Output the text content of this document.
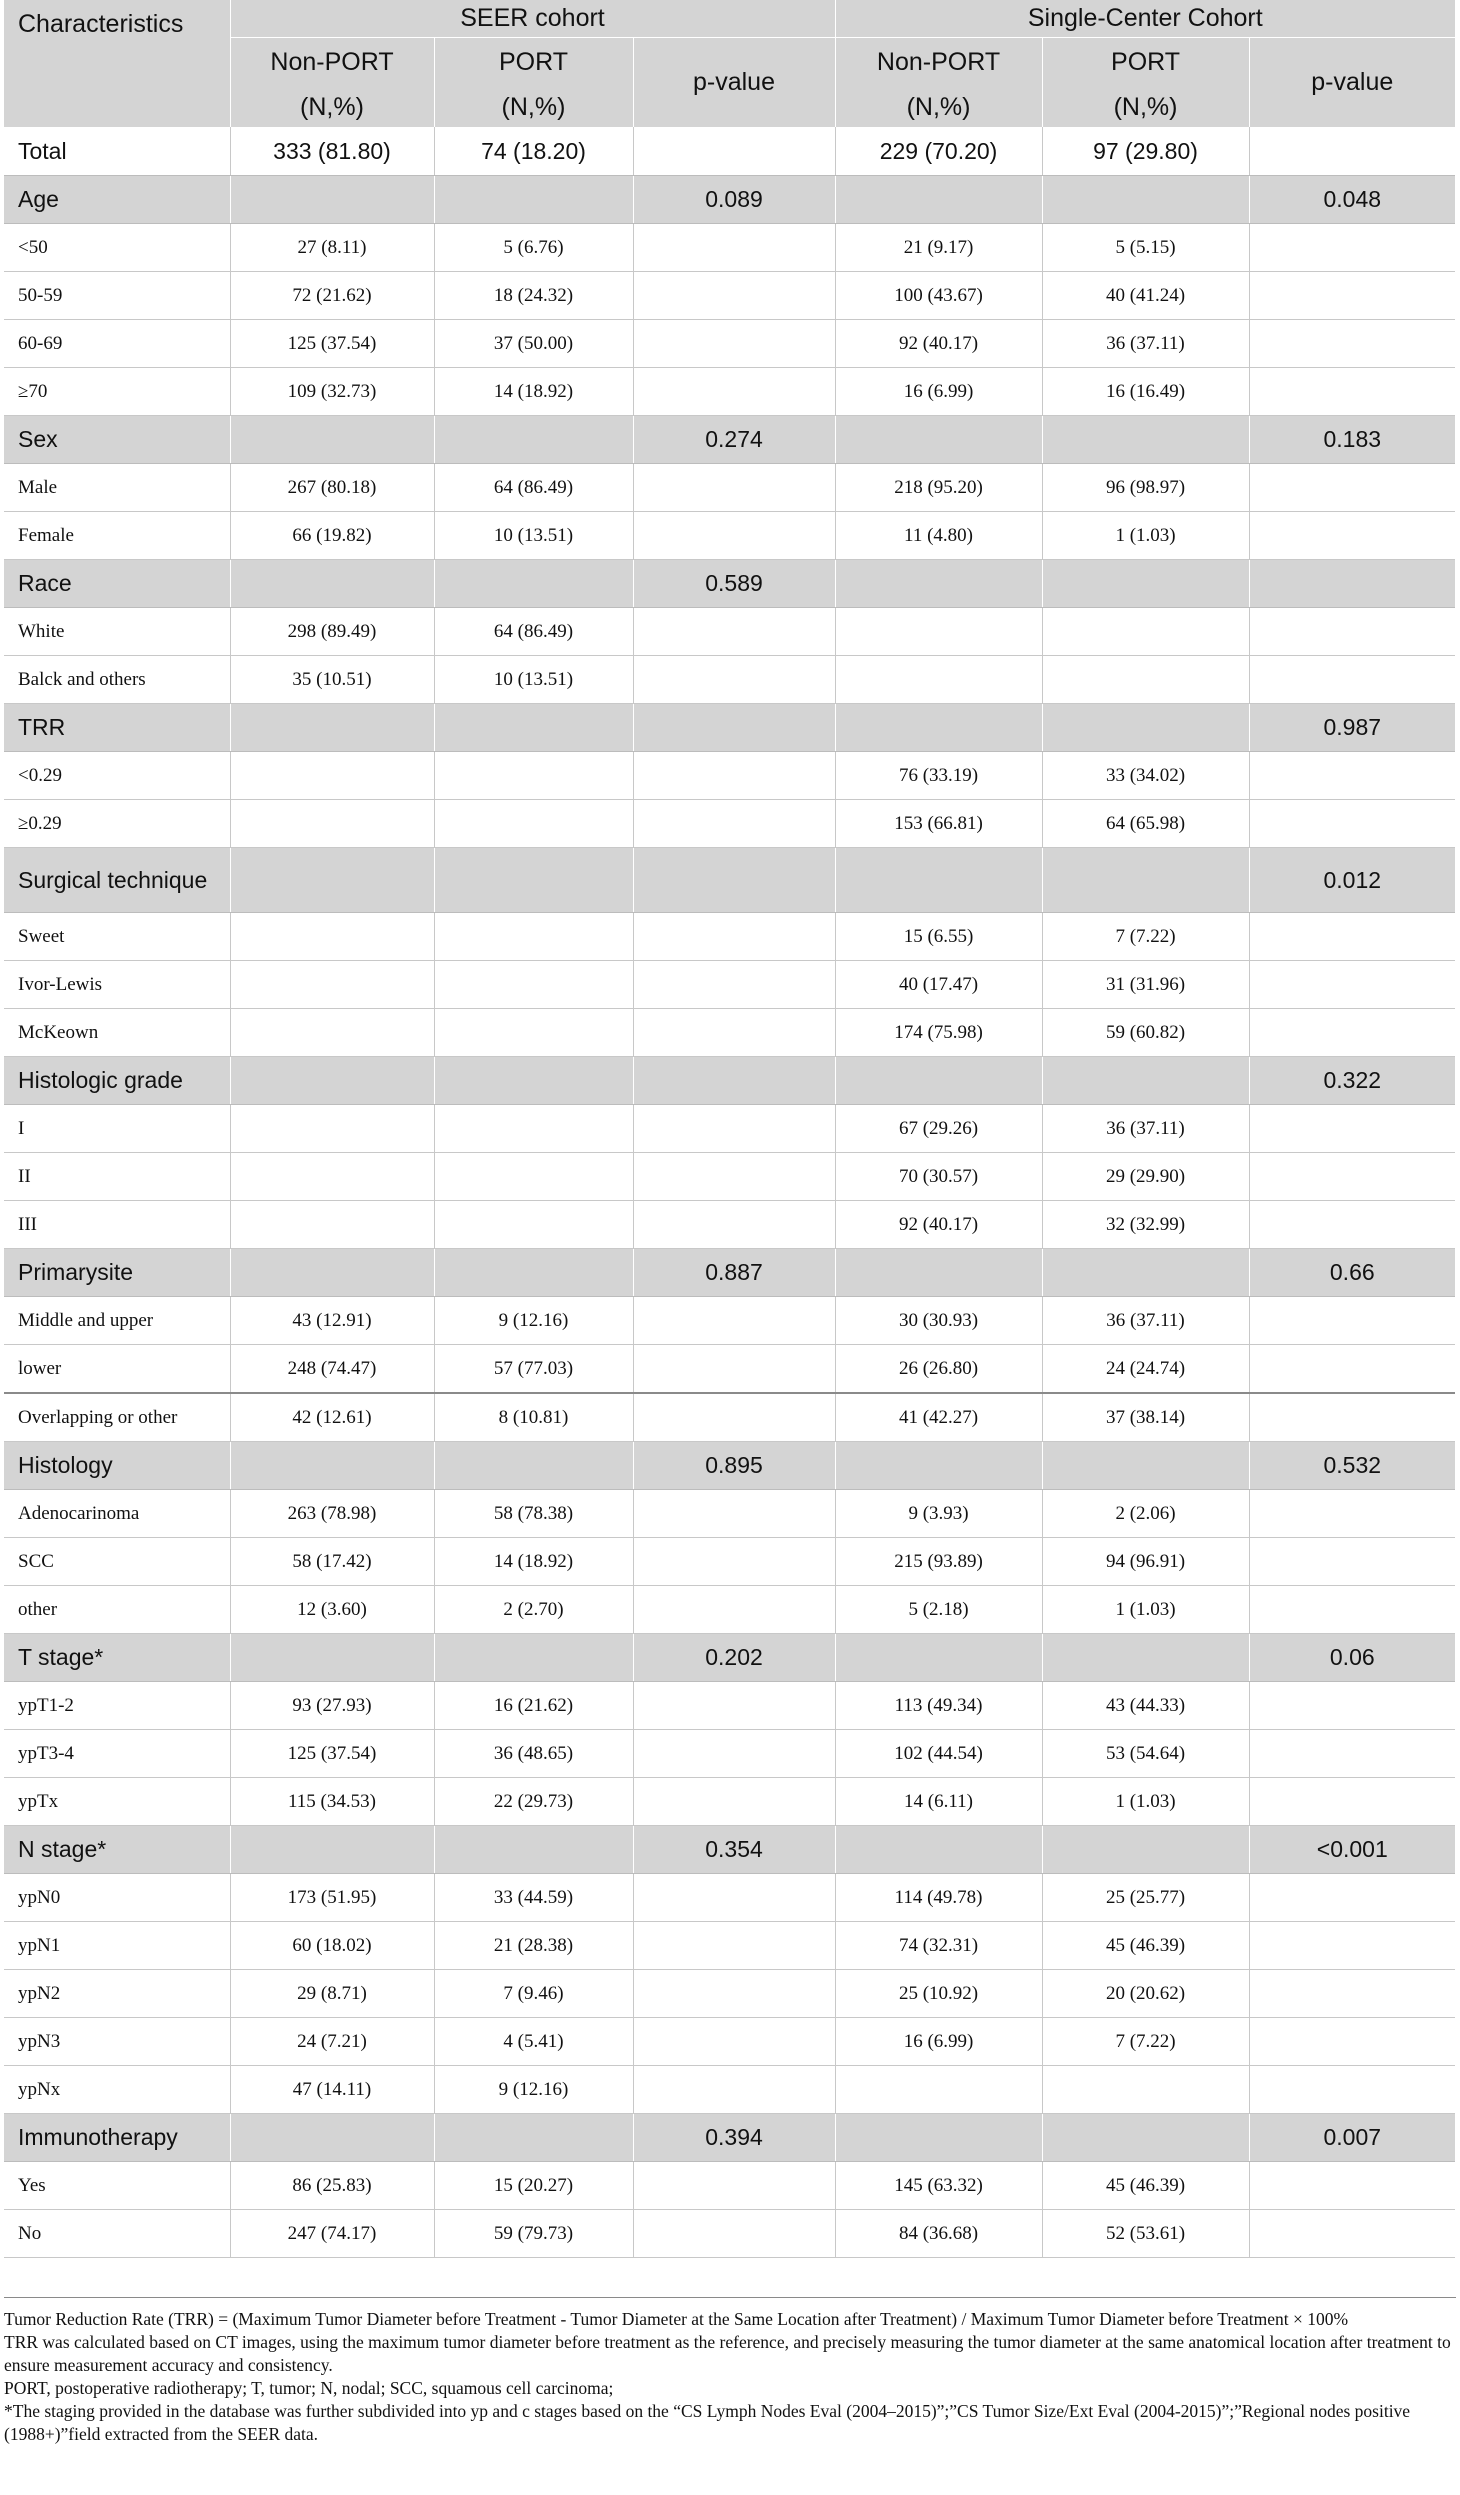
Characteristics	SEER cohort			Single-Center Cohort		
	Non-PORT	PORT	p-value	Non-PORT	PORT	p-value
	(N,%)	(N,%)		(N,%)	(N,%)	
Total	333 (81.80)	74 (18.20)		229 (70.20)	97 (29.80)	
Age			0.089			0.048
<50	27 (8.11)	5 (6.76)		21 (9.17)	5 (5.15)	
50-59	72 (21.62)	18 (24.32)		100 (43.67)	40 (41.24)	
60-69	125 (37.54)	37 (50.00)		92 (40.17)	36 (37.11)	
≥70	109 (32.73)	14 (18.92)		16 (6.99)	16 (16.49)	
Sex			0.274			0.183
Male	267 (80.18)	64 (86.49)		218 (95.20)	96 (98.97)	
Female	66 (19.82)	10 (13.51)		11 (4.80)	1 (1.03)	
Race			0.589			
White	298 (89.49)	64 (86.49)				
Balck and others	35 (10.51)	10 (13.51)				
TRR						0.987
<0.29				76 (33.19)	33 (34.02)	
≥0.29				153 (66.81)	64 (65.98)	
Surgical technique						0.012
Sweet				15 (6.55)	7 (7.22)	
Ivor-Lewis				40 (17.47)	31 (31.96)	
McKeown				174 (75.98)	59 (60.82)	
Histologic grade						0.322
I				67 (29.26)	36 (37.11)	
II				70 (30.57)	29 (29.90)	
III				92 (40.17)	32 (32.99)	
Primarysite			0.887			0.66
Middle and upper	43 (12.91)	9 (12.16)		30 (30.93)	36 (37.11)	
lower	248 (74.47)	57 (77.03)		26 (26.80)	24 (24.74)	
Overlapping or other	42 (12.61)	8 (10.81)		41 (42.27)	37 (38.14)	
Histology			0.895			0.532
Adenocarinoma	263 (78.98)	58 (78.38)		9 (3.93)	2 (2.06)	
SCC	58 (17.42)	14 (18.92)		215 (93.89)	94 (96.91)	
other	12 (3.60)	2 (2.70)		5 (2.18)	1 (1.03)	
T stage*			0.202			0.06
ypT1-2	93 (27.93)	16 (21.62)		113 (49.34)	43 (44.33)	
ypT3-4	125 (37.54)	36 (48.65)		102 (44.54)	53 (54.64)	
ypTx	115 (34.53)	22 (29.73)		14 (6.11)	1 (1.03)	
N stage*			0.354			<0.001
ypN0	173 (51.95)	33 (44.59)		114 (49.78)	25 (25.77)	
ypN1	60 (18.02)	21 (28.38)		74 (32.31)	45 (46.39)	
ypN2	29 (8.71)	7 (9.46)		25 (10.92)	20 (20.62)	
ypN3	24 (7.21)	4 (5.41)		16 (6.99)	7 (7.22)	
ypNx	47 (14.11)	9 (12.16)				
Immunotherapy			0.394			0.007
Yes	86 (25.83)	15 (20.27)		145 (63.32)	45 (46.39)	
No	247 (74.17)	59 (79.73)		84 (36.68)	52 (53.61)	

Tumor Reduction Rate (TRR) = (Maximum Tumor Diameter before Treatment - Tumor Diameter at the Same Location after Treatment) / Maximum Tumor Diameter before Treatment × 100%

TRR was calculated based on CT images, using the maximum tumor diameter before treatment as the reference, and precisely measuring the tumor diameter at the same anatomical location after treatment to ensure measurement accuracy and consistency.

PORT, postoperative radiotherapy; T, tumor; N, nodal; SCC, squamous cell carcinoma;

*The staging provided in the database was further subdivided into yp and c stages based on the “CS Lymph Nodes Eval (2004–2015)”;”CS Tumor Size/Ext Eval (2004-2015)”;”Regional nodes positive (1988+)”field extracted from the SEER data.
